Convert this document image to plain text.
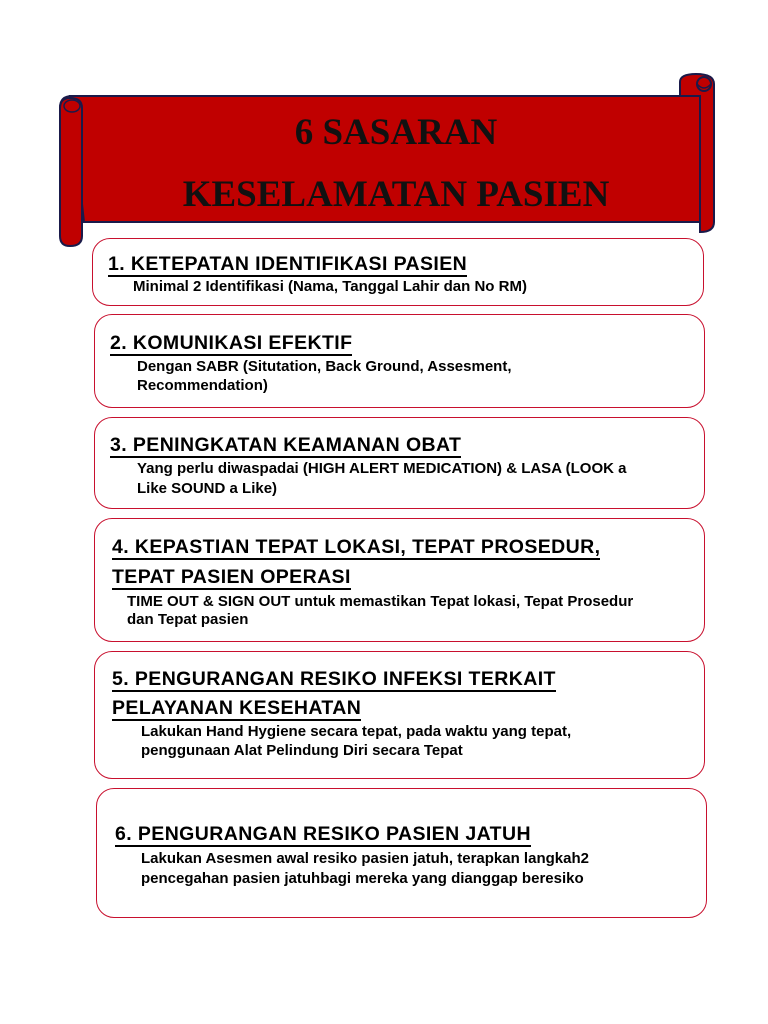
6 SASARAN
KESELAMATAN PASIEN
1. KETEPATAN IDENTIFIKASI PASIEN
Minimal 2 Identifikasi (Nama, Tanggal Lahir dan No RM)
2. KOMUNIKASI EFEKTIF
Dengan SABR (Situtation, Back Ground, Assesment,
Recommendation)
3. PENINGKATAN KEAMANAN OBAT
Yang perlu diwaspadai (HIGH ALERT MEDICATION) & LASA (LOOK a
Like SOUND a Like)
4. KEPASTIAN TEPAT LOKASI, TEPAT PROSEDUR,
TEPAT PASIEN OPERASI
TIME OUT & SIGN OUT untuk memastikan Tepat lokasi, Tepat Prosedur
dan Tepat pasien
5. PENGURANGAN RESIKO INFEKSI TERKAIT
PELAYANAN KESEHATAN
Lakukan Hand Hygiene secara tepat, pada waktu yang tepat,
penggunaan Alat Pelindung Diri secara Tepat
6. PENGURANGAN RESIKO PASIEN JATUH
Lakukan Asesmen awal resiko pasien jatuh, terapkan langkah2
pencegahan pasien jatuhbagi mereka yang dianggap beresiko
